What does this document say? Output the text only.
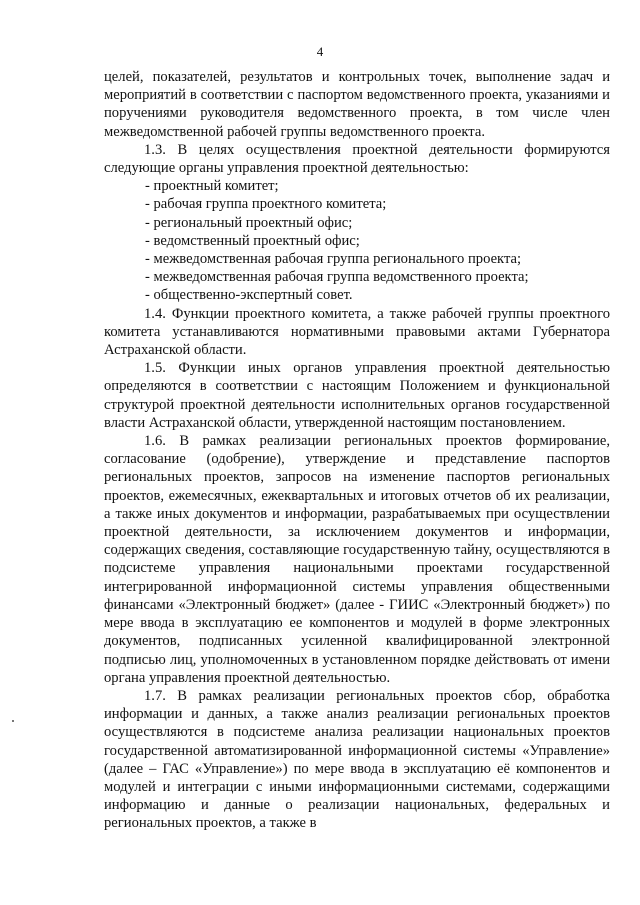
4

целей, показателей, результатов и контрольных точек, выполнение задач и мероприятий в соответствии с паспортом ведомственного проекта, указаниями и поручениями руководителя ведомственного проекта, в том числе член межведомственной рабочей группы ведомственного проекта.

1.3. В целях осуществления проектной деятельности формируются следующие органы управления проектной деятельностью:

- проектный комитет;

- рабочая группа проектного комитета;

- региональный проектный офис;

- ведомственный проектный офис;

- межведомственная рабочая группа регионального проекта;

- межведомственная рабочая группа ведомственного проекта;

- общественно-экспертный совет.

1.4. Функции проектного комитета, а также рабочей группы проектного комитета устанавливаются нормативными правовыми актами Губернатора Астраханской области.

1.5. Функции иных органов управления проектной деятельностью определяются в соответствии с настоящим Положением и функциональной структурой проектной деятельности исполнительных органов государственной власти Астраханской области, утвержденной настоящим постановлением.

1.6. В рамках реализации региональных проектов формирование, согласование (одобрение), утверждение и представление паспортов региональных проектов, запросов на изменение паспортов региональных проектов, ежемесячных, ежеквартальных и итоговых отчетов об их реализации, а также иных документов и информации, разрабатываемых при осуществлении проектной деятельности, за исключением документов и информации, содержащих сведения, составляющие государственную тайну, осуществляются в подсистеме управления национальными проектами государственной интегрированной информационной системы управления общественными финансами «Электронный бюджет» (далее - ГИИС «Электронный бюджет») по мере ввода в эксплуатацию ее компонентов и модулей в форме электронных документов, подписанных усиленной квалифицированной электронной подписью лиц, уполномоченных в установленном порядке действовать от имени органа управления проектной деятельностью.

1.7. В рамках реализации региональных проектов сбор, обработка информации и данных, а также анализ реализации региональных проектов осуществляются в подсистеме анализа реализации национальных проектов государственной автоматизированной информационной системы «Управление» (далее – ГАС «Управление») по мере ввода в эксплуатацию её компонентов и модулей и интеграции с иными информационными системами, содержащими информацию и данные о реализации национальных, федеральных и региональных проектов, а также в
